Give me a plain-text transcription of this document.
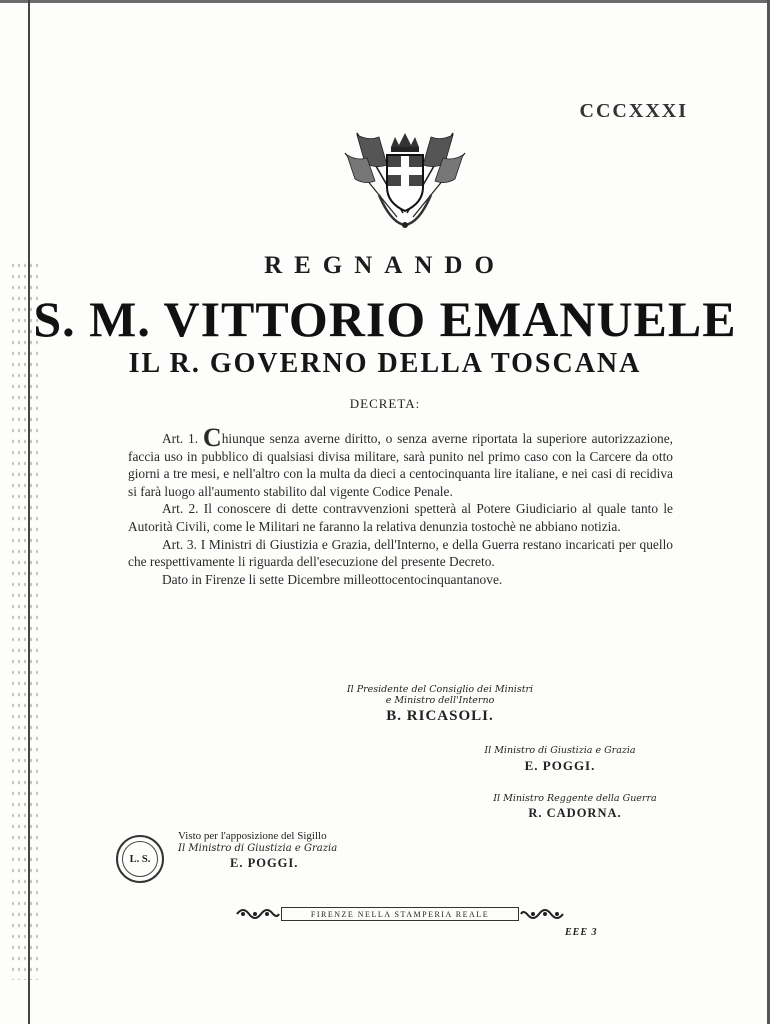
CCCXXXI
REGNANDO
S. M. VITTORIO EMANUELE
IL R. GOVERNO DELLA TOSCANA
DECRETA:

Art. 1. Chiunque senza averne diritto, o senza averne riportata la superiore autorizzazione, faccia uso in pubblico di qualsiasi divisa militare, sarà punito nel primo caso con la Carcere da otto giorni a tre mesi, e nell'altro con la multa da dieci a centocinquanta lire italiane, e nei casi di recidiva si farà luogo all'aumento stabilito dal vigente Codice Penale.

Art. 2. Il conoscere di dette contravvenzioni spetterà al Potere Giudiciario al quale tanto le Autorità Civili, come le Militari ne faranno la relativa denunzia tostochè ne abbiano notizia.

Art. 3. I Ministri di Giustizia e Grazia, dell'Interno, e della Guerra restano incaricati per quello che respettivamente li riguarda dell'esecuzione del presente Decreto.

Dato in Firenze li sette Dicembre milleottocentocinquantanove.

Il Presidente del Consiglio dei Ministri
e Ministro dell'Interno
B. RICASOLI.
Il Ministro di Giustizia e Grazia
E. POGGI.
Il Ministro Reggente della Guerra
R. CADORNA.
L. S.
Visto per l'apposizione del Sigillo
Il Ministro di Giustizia e Grazia
E. POGGI.
FIRENZE NELLA STAMPERIA REALE
EEE 3
